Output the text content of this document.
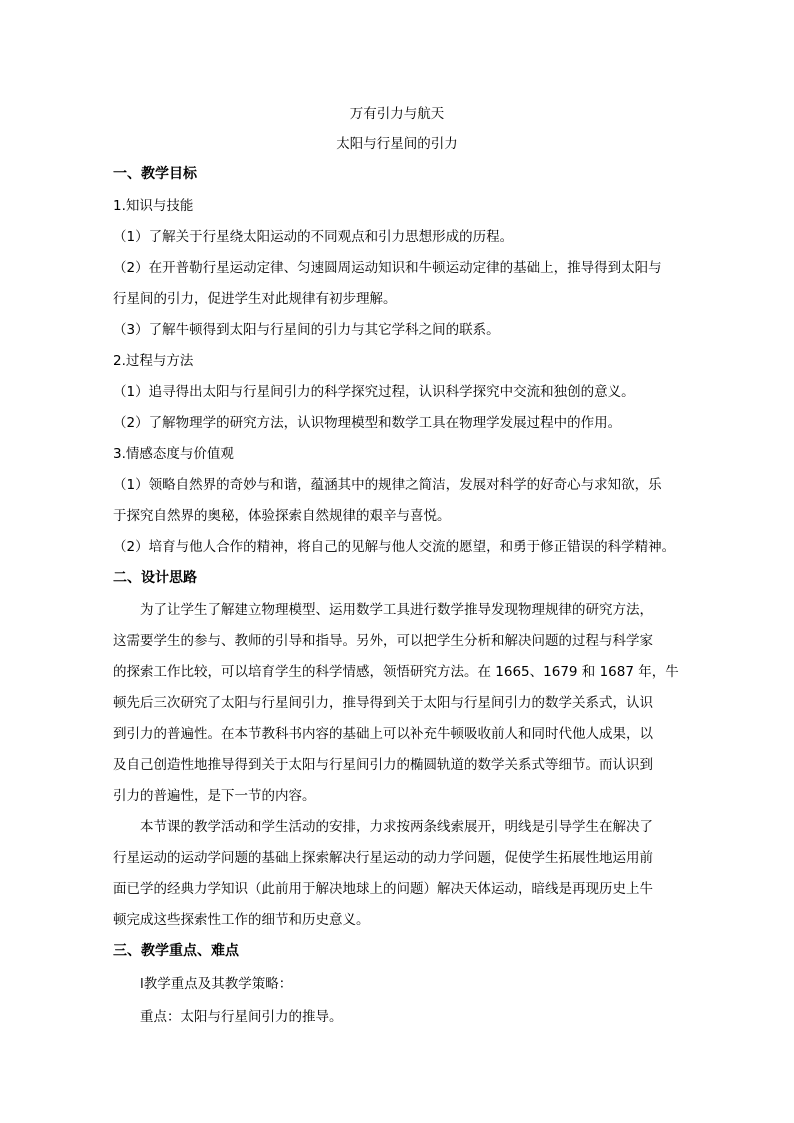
万有引力与航天
太阳与行星间的引力
一、教学目标
1.知识与技能
（1）了解关于行星绕太阳运动的不同观点和引力思想形成的历程。
（2）在开普勒行星运动定律、匀速圆周运动知识和牛顿运动定律的基础上，推导得到太阳与
行星间的引力，促进学生对此规律有初步理解。
（3）了解牛顿得到太阳与行星间的引力与其它学科之间的联系。
2.过程与方法
（1）追寻得出太阳与行星间引力的科学探究过程，认识科学探究中交流和独创的意义。
（2）了解物理学的研究方法，认识物理模型和数学工具在物理学发展过程中的作用。
3.情感态度与价值观
（1）领略自然界的奇妙与和谐，蕴涵其中的规律之简洁，发展对科学的好奇心与求知欲，乐
于探究自然界的奥秘，体验探索自然规律的艰辛与喜悦。
（2）培育与他人合作的精神，将自己的见解与他人交流的愿望，和勇于修正错误的科学精神。
二、设计思路
为了让学生了解建立物理模型、运用数学工具进行数学推导发现物理规律的研究方法，
这需要学生的参与、教师的引导和指导。另外，可以把学生分析和解决问题的过程与科学家
的探索工作比较，可以培育学生的科学情感，领悟研究方法。在 1665、1679 和 1687 年，牛
顿先后三次研究了太阳与行星间引力，推导得到关于太阳与行星间引力的数学关系式，认识
到引力的普遍性。在本节教科书内容的基础上可以补充牛顿吸收前人和同时代他人成果，以
及自己创造性地推导得到关于太阳与行星间引力的椭圆轨道的数学关系式等细节。而认识到
引力的普遍性，是下一节的内容。
本节课的教学活动和学生活动的安排，力求按两条线索展开，明线是引导学生在解决了
行星运动的运动学问题的基础上探索解决行星运动的动力学问题，促使学生拓展性地运用前
面已学的经典力学知识（此前用于解决地球上的问题）解决天体运动，暗线是再现历史上牛
顿完成这些探索性工作的细节和历史意义。
三、教学重点、难点
l教学重点及其教学策略：
重点：太阳与行星间引力的推导。
